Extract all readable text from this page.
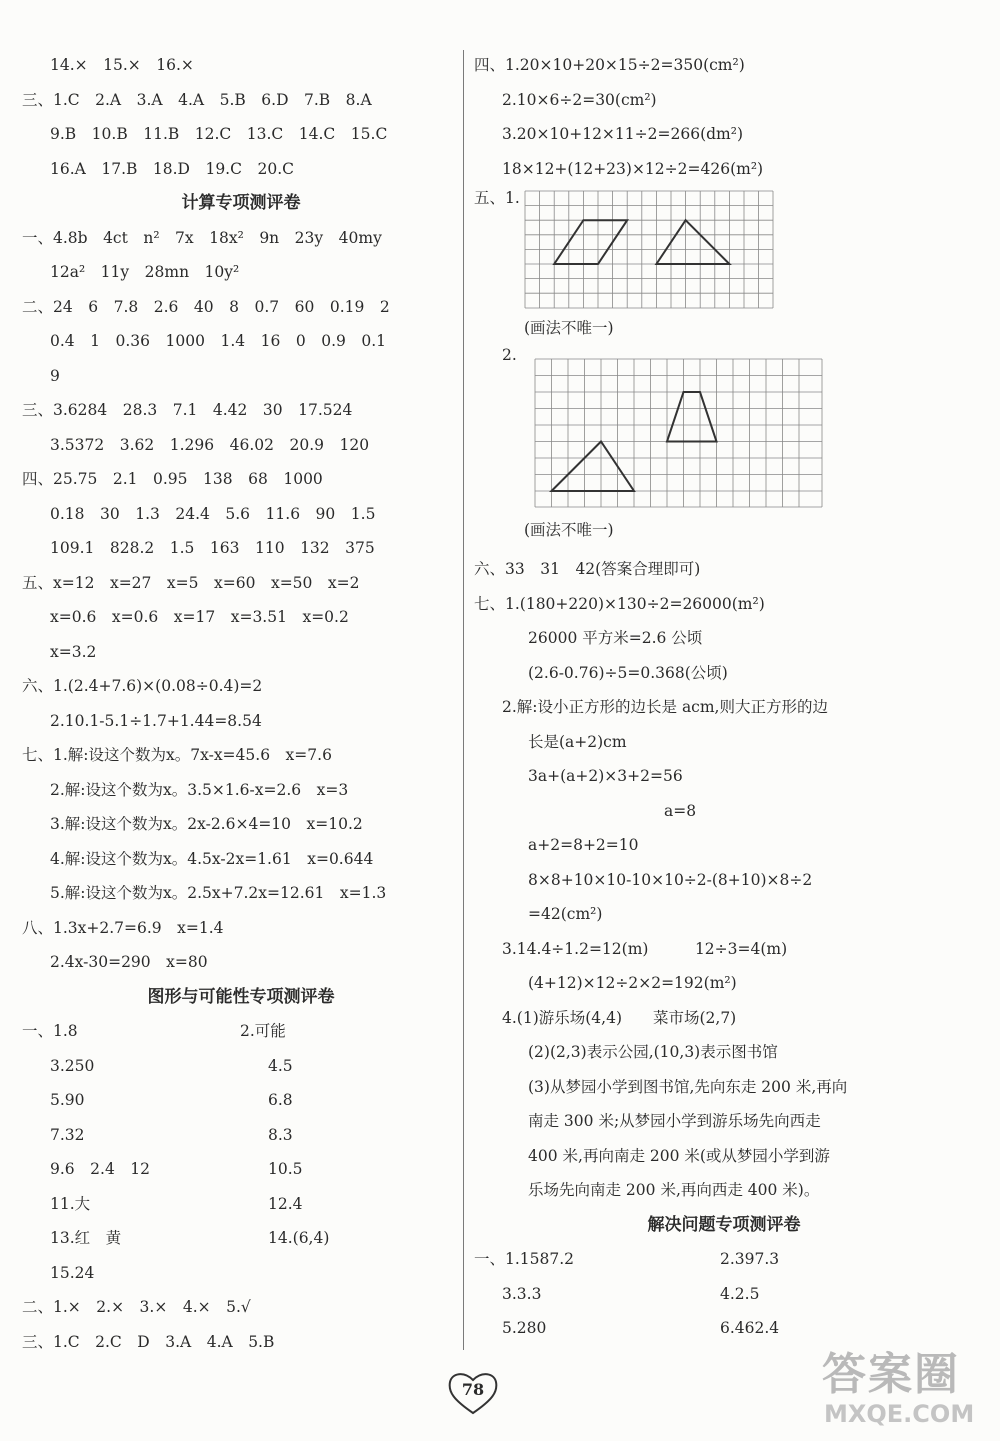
14.×　15.×　16.×
三、1.C　2.A　3.A　4.A　5.B　6.D　7.B　8.A
9.B　10.B　11.B　12.C　13.C　14.C　15.C
16.A　17.B　18.D　19.C　20.C
计算专项测评卷
一、4.8b　4ct　n²　7x　18x²　9n　23y　40my
12a²　11y　28mn　10y²
二、24　6　7.8　2.6　40　8　0.7　60　0.19　2
0.4　1　0.36　1000　1.4　16　0　0.9　0.1
9
三、3.6284　28.3　7.1　4.42　30　17.524
3.5372　3.62　1.296　46.02　20.9　120
四、25.75　2.1　0.95　138　68　1000
0.18　30　1.3　24.4　5.6　11.6　90　1.5
109.1　828.2　1.5　163　110　132　375
五、x=12　x=27　x=5　x=60　x=50　x=2
x=0.6　x=0.6　x=17　x=3.51　x=0.2
x=3.2
六、1.(2.4+7.6)×(0.08÷0.4)=2
2.10.1-5.1÷1.7+1.44=8.54
七、1.解:设这个数为x。7x-x=45.6　x=7.6
2.解:设这个数为x。3.5×1.6-x=2.6　x=3
3.解:设这个数为x。2x-2.6×4=10　x=10.2
4.解:设这个数为x。4.5x-2x=1.61　x=0.644
5.解:设这个数为x。2.5x+7.2x=12.61　x=1.3
八、1.3x+2.7=6.9　x=1.4
2.4x-30=290　x=80
图形与可能性专项测评卷
一、1.8	2.可能
3.250	4.5
5.90	6.8
7.32	8.3
9.6　2.4　12	10.5
11.大	12.4
13.红　黄	14.(6,4)
15.24
二、1.×　2.×　3.×　4.×　5.√
三、1.C　2.C　D　3.A　4.A　5.B
四、1.20×10+20×15÷2=350(cm²)
2.10×6÷2=30(cm²)
3.20×10+12×11÷2=266(dm²)
18×12+(12+23)×12÷2=426(m²)
五、1.
(画法不唯一)
2.
(画法不唯一)
六、33　31　42(答案合理即可)
七、1.(180+220)×130÷2=26000(m²)
26000 平方米=2.6 公顷
(2.6-0.76)÷5=0.368(公顷)
2.解:设小正方形的边长是 acm,则大正方形的边
长是(a+2)cm
3a+(a+2)×3+2=56
a=8
a+2=8+2=10
8×8+10×10-10×10÷2-(8+10)×8÷2
=42(cm²)
3.14.4÷1.2=12(m)　　　12÷3=4(m)
(4+12)×12÷2×2=192(m²)
4.(1)游乐场(4,4)　　菜市场(2,7)
(2)(2,3)表示公园,(10,3)表示图书馆
(3)从梦园小学到图书馆,先向东走 200 米,再向
南走 300 米;从梦园小学到游乐场先向西走
400 米,再向南走 200 米(或从梦园小学到游
乐场先向南走 200 米,再向西走 400 米)。
解决问题专项测评卷
一、1.1587.2	2.397.3
3.3.3	4.2.5
5.280	6.462.4
78	答案圈
MXQE.COM
